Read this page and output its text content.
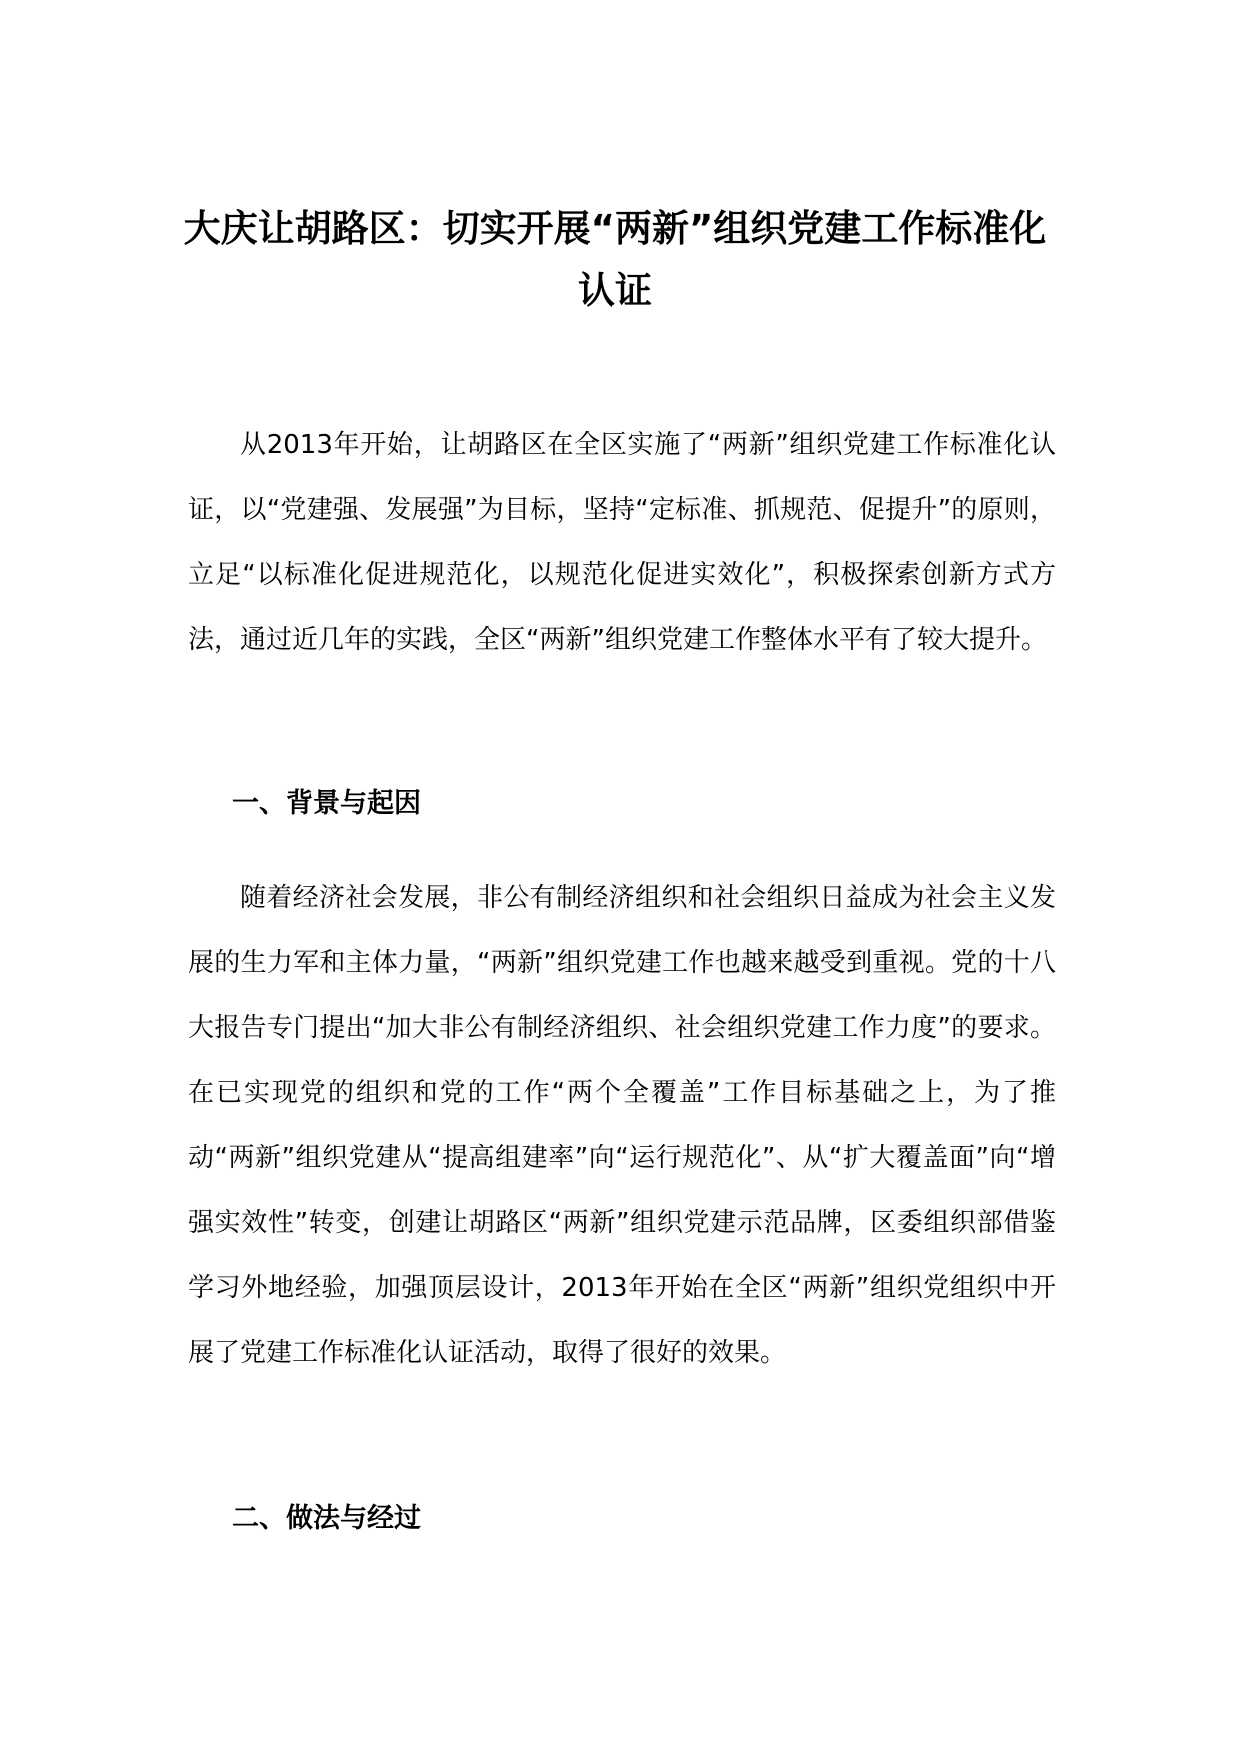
大庆让胡路区：切实开展“两新”组织党建工作标准化认证

从2013年开始，让胡路区在全区实施了“两新”组织党建工作标准化认证，以“党建强、发展强”为目标，坚持“定标准、抓规范、促提升”的原则，立足“以标准化促进规范化，以规范化促进实效化”，积极探索创新方式方法，通过近几年的实践，全区“两新”组织党建工作整体水平有了较大提升。

一、背景与起因

随着经济社会发展，非公有制经济组织和社会组织日益成为社会主义发展的生力军和主体力量，“两新”组织党建工作也越来越受到重视。党的十八大报告专门提出“加大非公有制经济组织、社会组织党建工作力度”的要求。在已实现党的组织和党的工作“两个全覆盖”工作目标基础之上，为了推动“两新”组织党建从“提高组建率”向“运行规范化”、从“扩大覆盖面”向“增强实效性”转变，创建让胡路区“两新”组织党建示范品牌，区委组织部借鉴学习外地经验，加强顶层设计，2013年开始在全区“两新”组织党组织中开展了党建工作标准化认证活动，取得了很好的效果。

二、做法与经过
